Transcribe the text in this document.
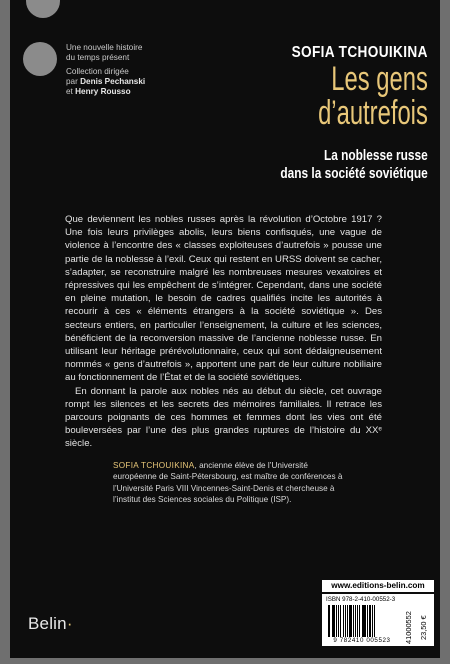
Une nouvelle histoire
du temps présent
Collection dirigée
par Denis Pechanski
et Henry Rousso
SOFIA TCHOUIKINA
Les gens
d’autrefois
La noblesse russe
dans la société soviétique

Que deviennent les nobles russes après la révolution d’Octobre 1917 ? Une fois leurs privilèges abolis, leurs biens confisqués, une vague de violence à l’encontre des « classes exploiteuses d’autrefois » pousse une partie de la noblesse à l’exil. Ceux qui restent en URSS doivent se cacher, s’adapter, se reconstruire malgré les nombreuses mesures vexatoires et répressives qui les empêchent de s’intégrer. Cependant, dans une société en pleine mutation, le besoin de cadres qualifiés incite les autorités à recourir à ces « éléments étrangers à la société soviétique ». Des secteurs entiers, en particulier l’enseignement, la culture et les sciences, bénéficient de la reconversion massive de l’ancienne noblesse russe. En utilisant leur héritage prérévolutionnaire, ceux qui sont dédaigneusement nommés « gens d’autrefois », apportent une part de leur culture nobiliaire au fonctionnement de l’État et de la société soviétiques.

En donnant la parole aux nobles nés au début du siècle, cet ouvrage rompt les silences et les secrets des mémoires familiales. Il retrace les parcours poignants de ces hommes et femmes dont les vies ont été bouleversées par l’une des plus grandes ruptures de l’histoire du XXᵉ siècle.

SOFIA TCHOUIKINA, ancienne élève de l’Université européenne de Saint-Pétersbourg, est maître de conférences à l’Université Paris VIII Vincennes-Saint-Denis et chercheuse à l’institut des Sciences sociales du Politique (ISP).
www.editions-belin.com
ISBN 978-2-410-00552-3
9 782410 005523	41000552 23,50 €
Belin·
